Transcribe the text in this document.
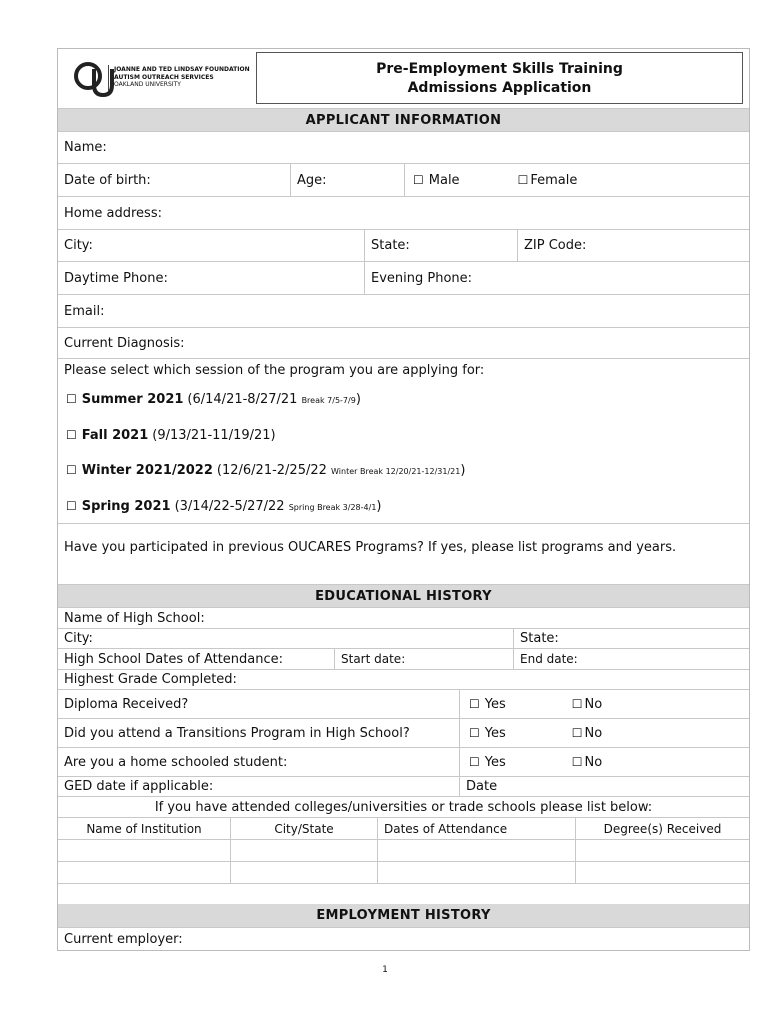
JOANNE AND TED LINDSAY FOUNDATION
AUTISM OUTREACH SERVICES
OAKLAND UNIVERSITY
Pre-Employment Skills Training
Admissions Application
APPLICANT INFORMATION
Name:
Date of birth:	Age:	☐ Male	☐ Female
Home address:
City:	State:	ZIP Code:
Daytime Phone:	Evening Phone:
Email:
Current Diagnosis:
Please select which session of the program you are applying for:
☐ Summer 2021 (6/14/21-8/27/21
Break 7/5-7/9 )
☐ Fall 2021 (9/13/21-11/19/21)
☐ Winter 2021/2022 (12/6/21-2/25/22
Winter Break 12/20/21-12/31/21 )
☐ Spring 2021 (3/14/22-5/27/22
Spring Break 3/28-4/1 )
Have you participated in previous OUCARES Programs? If yes, please list programs and years.
EDUCATIONAL HISTORY
Name of High School:
City:	State:
High School Dates of Attendance:	Start date:	End date:
Highest Grade Completed:
Diploma Received?	☐ Yes	☐ No
Did you attend a Transitions Program in High School?	☐ Yes	☐ No
Are you a home schooled student:	☐ Yes	☐ No
GED date if applicable:	Date
If you have attended colleges/universities or trade schools please list below:
Name of Institution	City/State	Dates of Attendance	Degree(s) Received
EMPLOYMENT HISTORY
Current employer:
1
